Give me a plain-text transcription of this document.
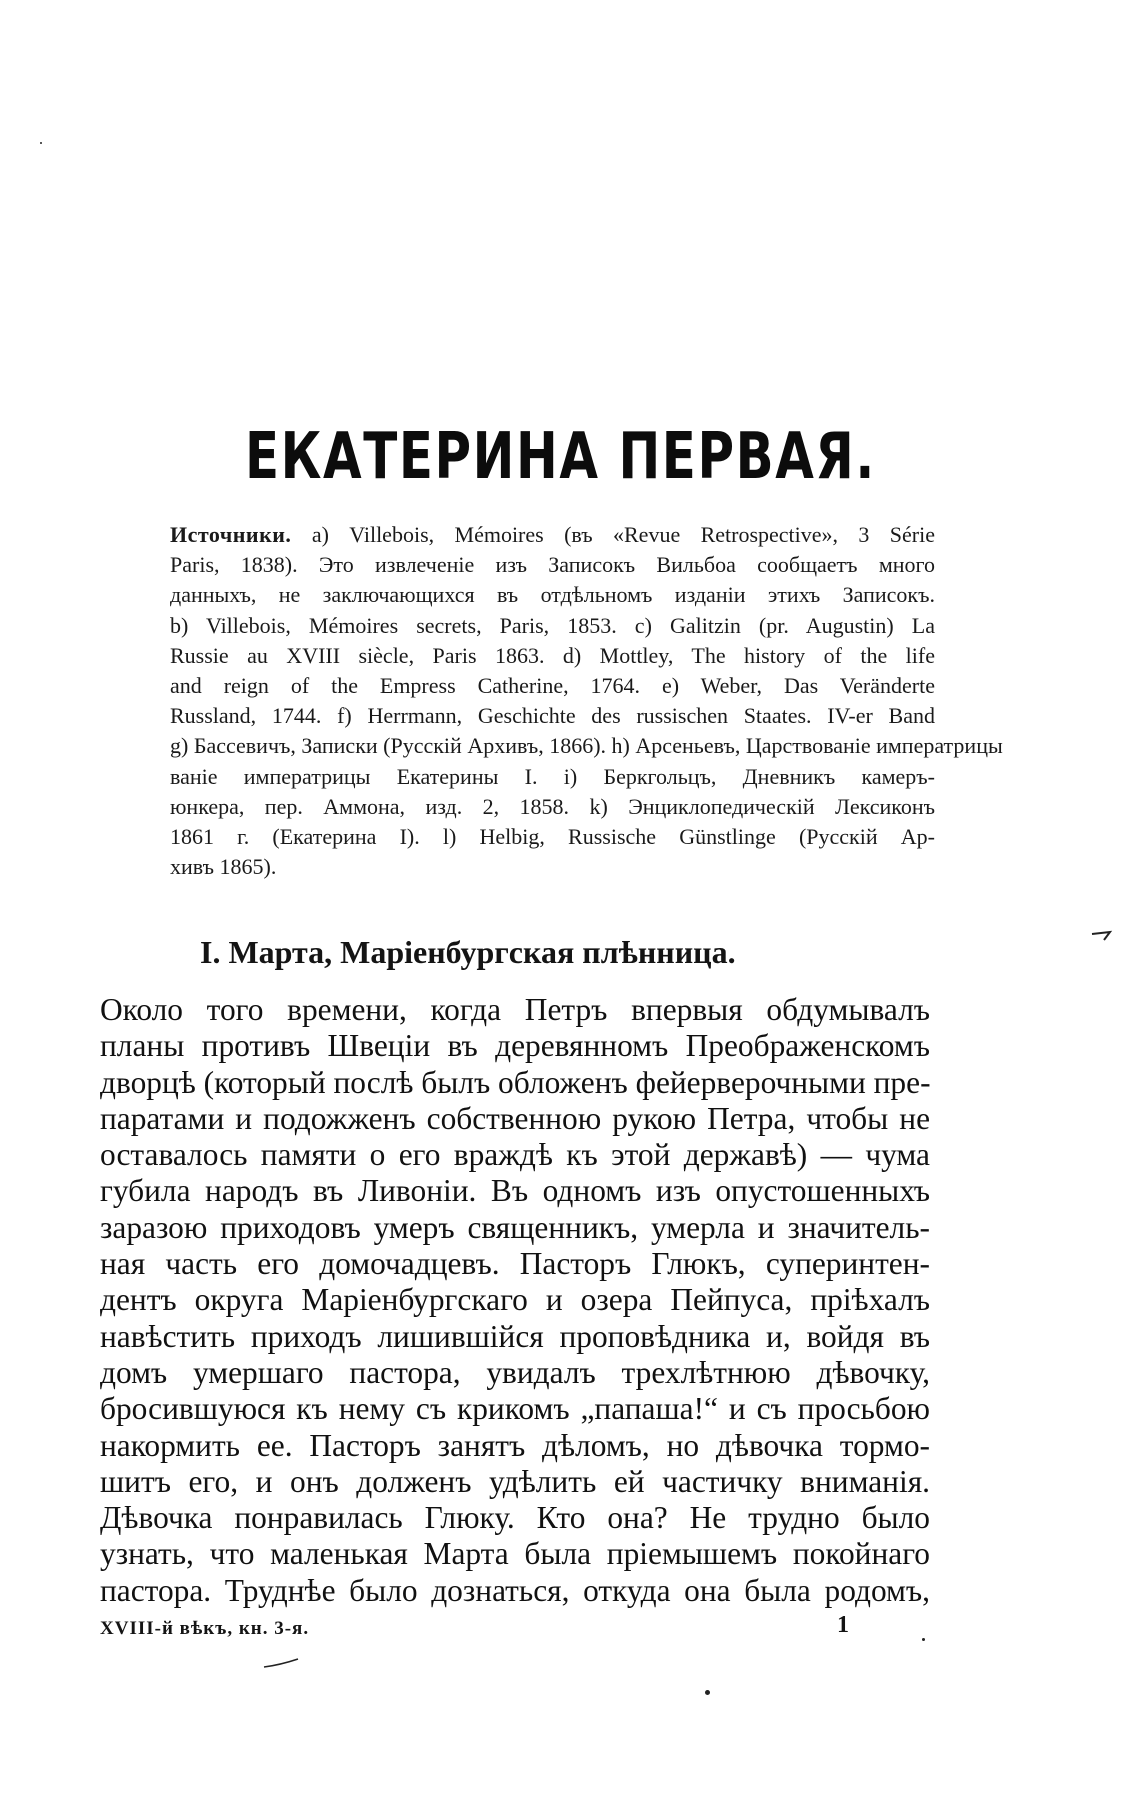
ЕКАТЕРИНА ПЕРВАЯ.
Источники. а) Villebois, Mémoires (въ «Revue Retrospective», 3 Série
Paris, 1838). Это извлеченіе изъ Записокъ Вильбоа сообщаетъ много
данныхъ, не заключающихся въ отдѣльномъ изданіи этихъ Записокъ.
b) Villebois, Mémoires secrets, Paris, 1853. c) Galitzin (pr. Augustin) La
Russie au XVIII siècle, Paris 1863. d) Mottley, The history of the life
and reign of the Empress Catherine, 1764. e) Weber, Das Veränderte
Russland, 1744. f) Herrmann, Geschichte des russischen Staates. IV-er Band
g) Бассевичъ, Записки (Русскій Архивъ, 1866). h) Арсеньевъ, Царствованіе императрицы
ваніе императрицы Екатерины I. i) Беркгольцъ, Дневникъ камеръ-
юнкера, пер. Аммона, изд. 2, 1858. k) Энциклопедическій Лексиконъ
1861 г. (Екатерина I). l) Helbig, Russische Günstlinge (Русскій Ар-
хивъ 1865).
I. Марта, Маріенбургская плѣнница.
Около того времени, когда Петръ впервыя обдумывалъ
планы противъ Швеціи въ деревянномъ Преображенскомъ
дворцѣ (который послѣ былъ обложенъ фейерверочными пре-
паратами и подожженъ собственною рукою Петра, чтобы не
оставалось памяти о его враждѣ къ этой державѣ) — чума
губила народъ въ Ливоніи. Въ одномъ изъ опустошенныхъ
заразою приходовъ умеръ священникъ, умерла и значитель-
ная часть его домочадцевъ. Пасторъ Глюкъ, суперинтен-
дентъ округа Маріенбургскаго и озера Пейпуса, пріѣхалъ
навѣстить приходъ лишившійся проповѣдника и, войдя въ
домъ умершаго пастора, увидалъ трехлѣтнюю дѣвочку,
бросившуюся къ нему съ крикомъ „папаша!“ и съ просьбою
накормить ее. Пасторъ занятъ дѣломъ, но дѣвочка тормо-
шитъ его, и онъ долженъ удѣлить ей частичку вниманія.
Дѣвочка понравилась Глюку. Кто она? Не трудно было
узнать, что маленькая Марта была пріемышемъ покойнаго
пастора. Труднѣе было дознаться, откуда она была родомъ,
XVIII-й вѣкъ, кн. 3-я.	1
